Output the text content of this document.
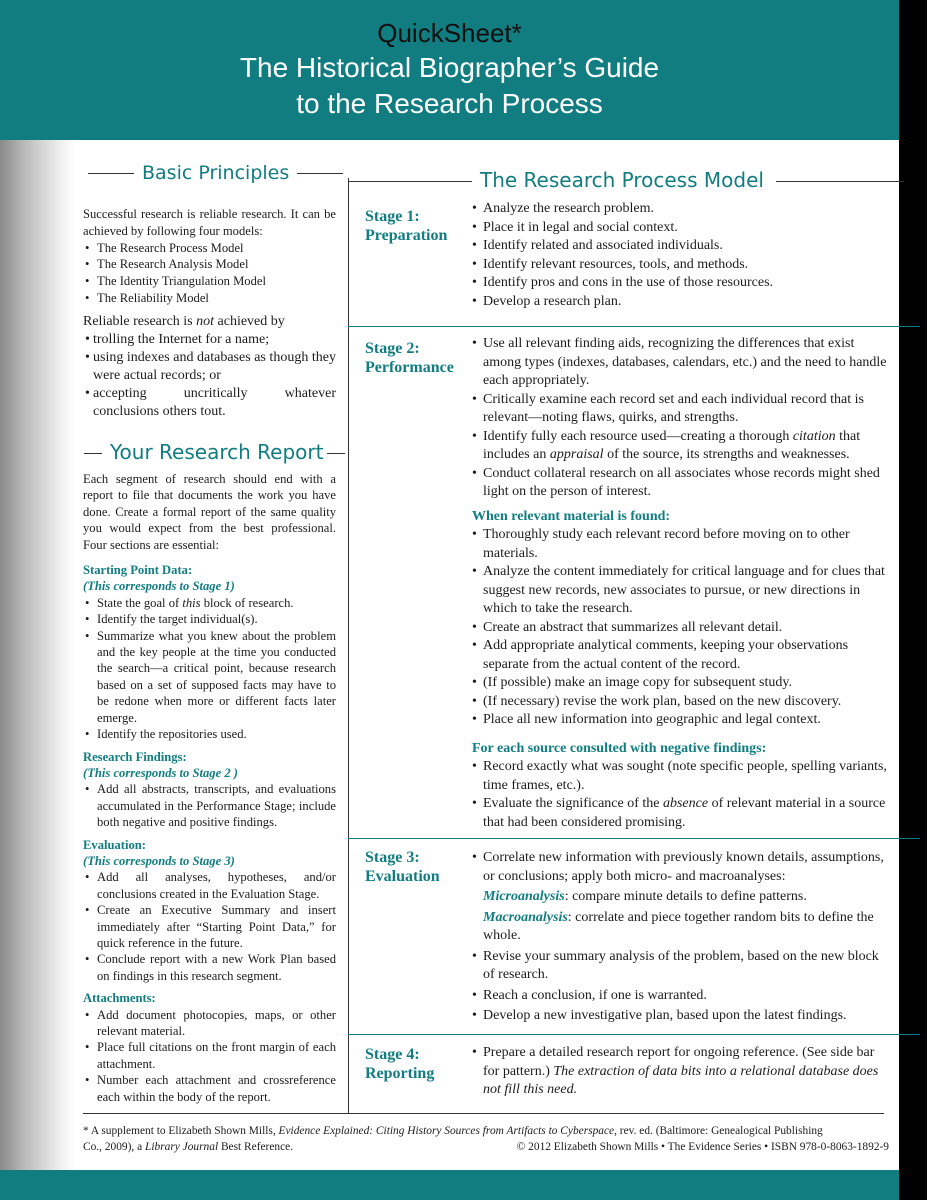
QuickSheet*
The Historical Biographer’s Guide
to the Research Process
Basic Principles

Successful research is reliable research. It can be achieved by following four models:

• The Research Process Model
• The Research Analysis Model
• The Identity Triangulation Model
• The Reliability Model

Reliable research is not achieved by

• trolling the Internet for a name;
• using indexes and databases as though they were actual records; or
• accepting uncritically whatever conclusions others tout.
Your Research Report

Each segment of research should end with a report to file that documents the work you have done. Create a formal report of the same quality you would expect from the best professional. Four sections are essential:

Starting Point Data:
(This corresponds to Stage 1)
• State the goal of this block of research.
• Identify the target individual(s).
• Summarize what you knew about the problem and the key people at the time you conducted the search—a critical point, because research based on a set of supposed facts may have to be redone when more or different facts later emerge.
• Identify the repositories used.
Research Findings:
(This corresponds to Stage 2 )
• Add all abstracts, transcripts, and evaluations accumulated in the Performance Stage; include both negative and positive findings.
Evaluation:
(This corresponds to Stage 3)
• Add all analyses, hypotheses, and/or conclusions created in the Evaluation Stage.
• Create an Executive Summary and insert immediately after “Starting Point Data,” for quick reference in the future.
• Conclude report with a new Work Plan based on findings in this research segment.
Attachments:
• Add document photocopies, maps, or other relevant material.
• Place full citations on the front margin of each attachment.
• Number each attachment and crossreference each within the body of the report.
The Research Process Model
Stage 1:
Preparation
• Analyze the research problem.
• Place it in legal and social context.
• Identify related and associated individuals.
• Identify relevant resources, tools, and methods.
• Identify pros and cons in the use of those resources.
• Develop a research plan.
Stage 2:
Performance
• Use all relevant finding aids, recognizing the differences that exist among types (indexes, databases, calendars, etc.) and the need to handle each appropriately.
• Critically examine each record set and each individual record that is relevant—noting flaws, quirks, and strengths.
• Identify fully each resource used—creating a thorough citation that includes an appraisal of the source, its strengths and weaknesses.
• Conduct collateral research on all associates whose records might shed light on the person of interest.
When relevant material is found:
• Thoroughly study each relevant record before moving on to other materials.
• Analyze the content immediately for critical language and for clues that suggest new records, new associates to pursue, or new directions in which to take the research.
• Create an abstract that summarizes all relevant detail.
• Add appropriate analytical comments, keeping your observations separate from the actual content of the record.
• (If possible) make an image copy for subsequent study.
• (If necessary) revise the work plan, based on the new discovery.
• Place all new information into geographic and legal context.
For each source consulted with negative findings:
• Record exactly what was sought (note specific people, spelling variants, time frames, etc.).
• Evaluate the significance of the absence of relevant material in a source that had been considered promising.
Stage 3:
Evaluation
• Correlate new information with previously known details, assumptions, or conclusions; apply both micro- and macroanalyses:

Microanalysis: compare minute details to define patterns.

Macroanalysis: correlate and piece together random bits to define the whole.

• Revise your summary analysis of the problem, based on the new block of research.
• Reach a conclusion, if one is warranted.
• Develop a new investigative plan, based upon the latest findings.
Stage 4:
Reporting
• Prepare a detailed research report for ongoing reference. (See side bar for pattern.) The extraction of data bits into a relational database does not fill this need.
* A supplement to Elizabeth Shown Mills, Evidence Explained: Citing History Sources from Artifacts to Cyberspace, rev. ed. (Baltimore: Genealogical Publishing
Co., 2009), a Library Journal Best Reference.	© 2012 Elizabeth Shown Mills • The Evidence Series • ISBN 978-0-8063-1892-9
